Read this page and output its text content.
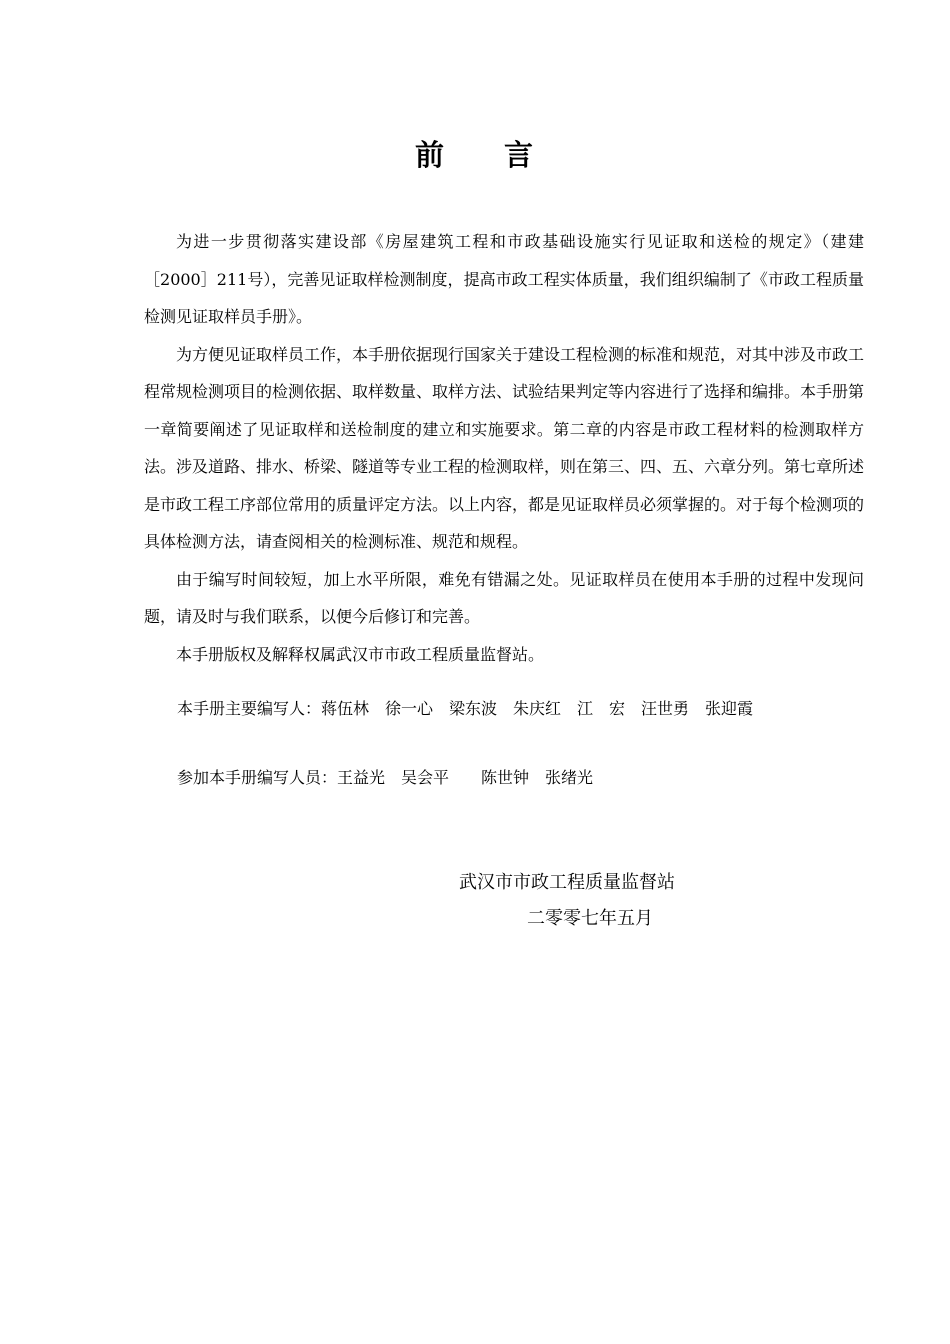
前 言

为进一步贯彻落实建设部《房屋建筑工程和市政基础设施实行见证取和送检的规定》（建建［2000］211号），完善见证取样检测制度，提高市政工程实体质量，我们组织编制了《市政工程质量检测见证取样员手册》。

为方便见证取样员工作，本手册依据现行国家关于建设工程检测的标准和规范，对其中涉及市政工程常规检测项目的检测依据、取样数量、取样方法、试验结果判定等内容进行了选择和编排。本手册第一章简要阐述了见证取样和送检制度的建立和实施要求。第二章的内容是市政工程材料的检测取样方法。涉及道路、排水、桥梁、隧道等专业工程的检测取样，则在第三、四、五、六章分列。第七章所述是市政工程工序部位常用的质量评定方法。以上内容，都是见证取样员必须掌握的。对于每个检测项的具体检测方法，请查阅相关的检测标准、规范和规程。

由于编写时间较短，加上水平所限，难免有错漏之处。见证取样员在使用本手册的过程中发现问题，请及时与我们联系，以便今后修订和完善。

本手册版权及解释权属武汉市市政工程质量监督站。

本手册主要编写人：蒋伍林　徐一心　梁东波　朱庆红　江　宏　汪世勇　张迎霞
参加本手册编写人员：王益光　吴会平　　陈世钟　张绪光
武汉市市政工程质量监督站
二零零七年五月
